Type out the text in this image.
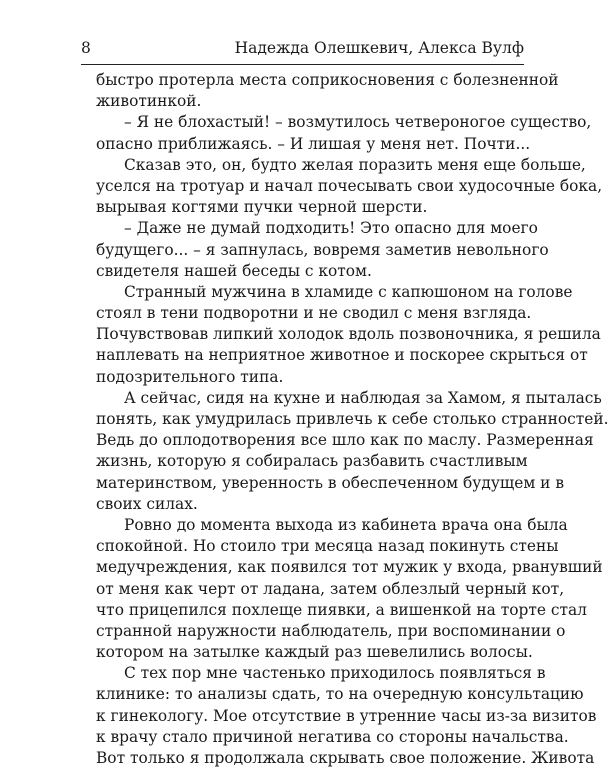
8	Надежда Олешкевич, Алекса Вулф
быстро протерла места соприкосновения с болезненной
животинкой.
– Я не блохастый! – возмутилось четвероногое существо,
опасно приближаясь. – И лишая у меня нет. Почти...
Сказав это, он, будто желая поразить меня еще больше,
уселся на тротуар и начал почесывать свои худосочные бока,
вырывая когтями пучки черной шерсти.
– Даже не думай подходить! Это опасно для моего
будущего... – я запнулась, вовремя заметив невольного
свидетеля нашей беседы с котом.
Странный мужчина в хламиде с капюшоном на голове
стоял в тени подворотни и не сводил с меня взгляда.
Почувствовав липкий холодок вдоль позвоночника, я решила
наплевать на неприятное животное и поскорее скрыться от
подозрительного типа.
А сейчас, сидя на кухне и наблюдая за Хамом, я пыталась
понять, как умудрилась привлечь к себе столько странностей.
Ведь до оплодотворения все шло как по маслу. Размеренная
жизнь, которую я собиралась разбавить счастливым
материнством, уверенность в обеспеченном будущем и в
своих силах.
Ровно до момента выхода из кабинета врача она была
спокойной. Но стоило три месяца назад покинуть стены
медучреждения, как появился тот мужик у входа, рванувший
от меня как черт от ладана, затем облезлый черный кот,
что прицепился похлеще пиявки, а вишенкой на торте стал
странной наружности наблюдатель, при воспоминании о
котором на затылке каждый раз шевелились волосы.
С тех пор мне частенько приходилось появляться в
клинике: то анализы сдать, то на очередную консультацию
к гинекологу. Мое отсутствие в утренние часы из-за визитов
к врачу стало причиной негатива со стороны начальства.
Вот только я продолжала скрывать свое положение. Живота
